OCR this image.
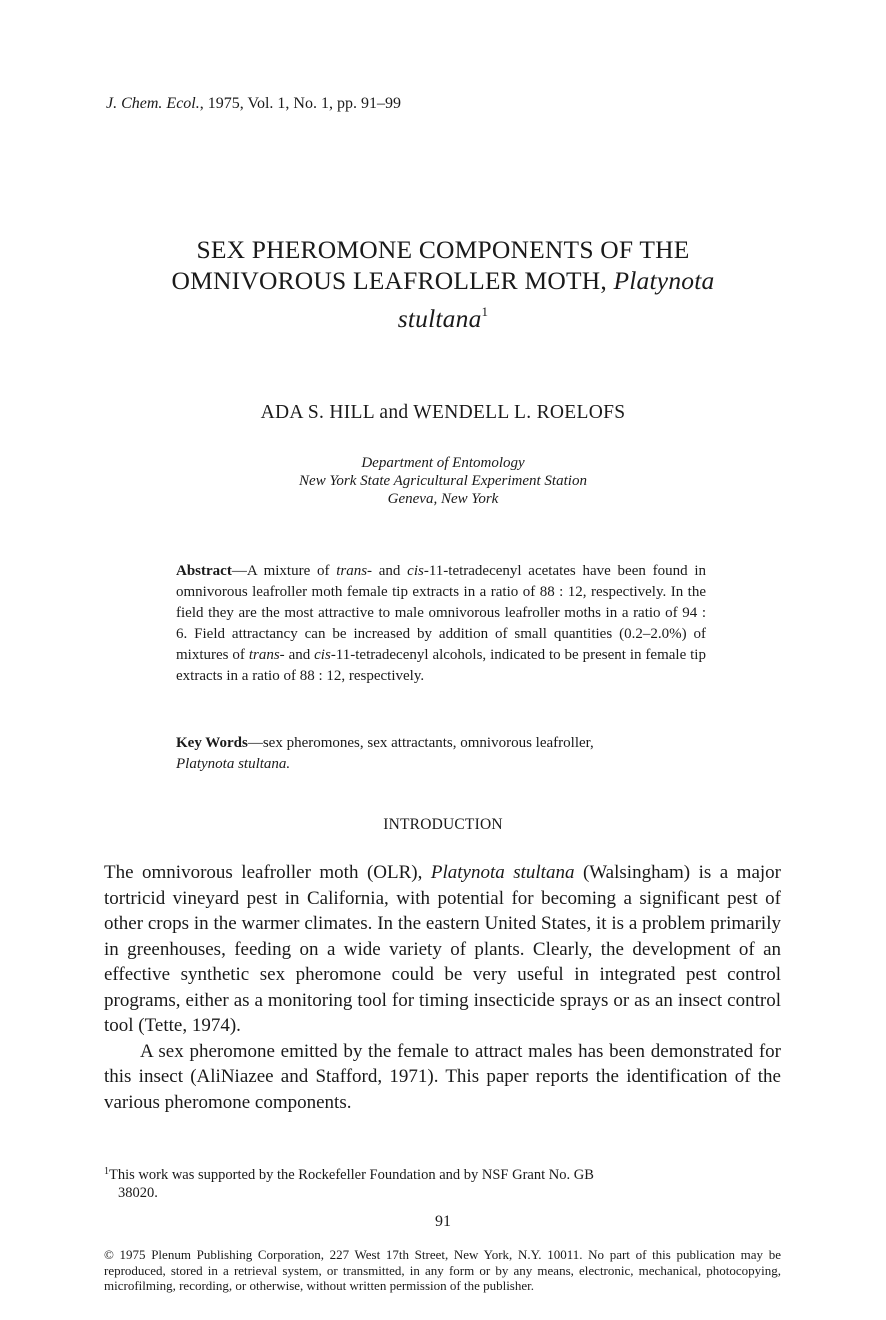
J. Chem. Ecol., 1975, Vol. 1, No. 1, pp. 91–99
SEX PHEROMONE COMPONENTS OF THE
OMNIVOROUS LEAFROLLER MOTH, Platynota
stultana$^1$
ADA S. HILL and WENDELL L. ROELOFS
Department of Entomology
New York State Agricultural Experiment Station
Geneva, New York
Abstract—A mixture of trans- and cis-11-tetradecenyl acetates have been found in omnivorous leafroller moth female tip extracts in a ratio of 88 : 12, respectively. In the field they are the most attractive to male omnivorous leafroller moths in a ratio of 94 : 6. Field attractancy can be increased by addition of small quantities (0.2–2.0%) of mixtures of trans- and cis-11-tetradecenyl alcohols, indicated to be present in female tip extracts in a ratio of 88 : 12, respectively.
Key Words—sex pheromones, sex attractants, omnivorous leafroller,
Platynota stultana.
INTRODUCTION

The omnivorous leafroller moth (OLR), Platynota stultana (Walsingham) is a major tortricid vineyard pest in California, with potential for becoming a significant pest of other crops in the warmer climates. In the eastern United States, it is a problem primarily in greenhouses, feeding on a wide variety of plants. Clearly, the development of an effective synthetic sex pheromone could be very useful in integrated pest control programs, either as a monitoring tool for timing insecticide sprays or as an insect control tool (Tette, 1974).

A sex pheromone emitted by the female to attract males has been demonstrated for this insect (AliNiazee and Stafford, 1971). This paper reports the identification of the various pheromone components.

$^1$This work was supported by the Rockefeller Foundation and by NSF Grant No. GB
38020.
91
© 1975 Plenum Publishing Corporation, 227 West 17th Street, New York, N.Y. 10011. No part of this publication may be reproduced, stored in a retrieval system, or transmitted, in any form or by any means, electronic, mechanical, photocopying, microfilming, recording, or otherwise, without written permission of the publisher.
